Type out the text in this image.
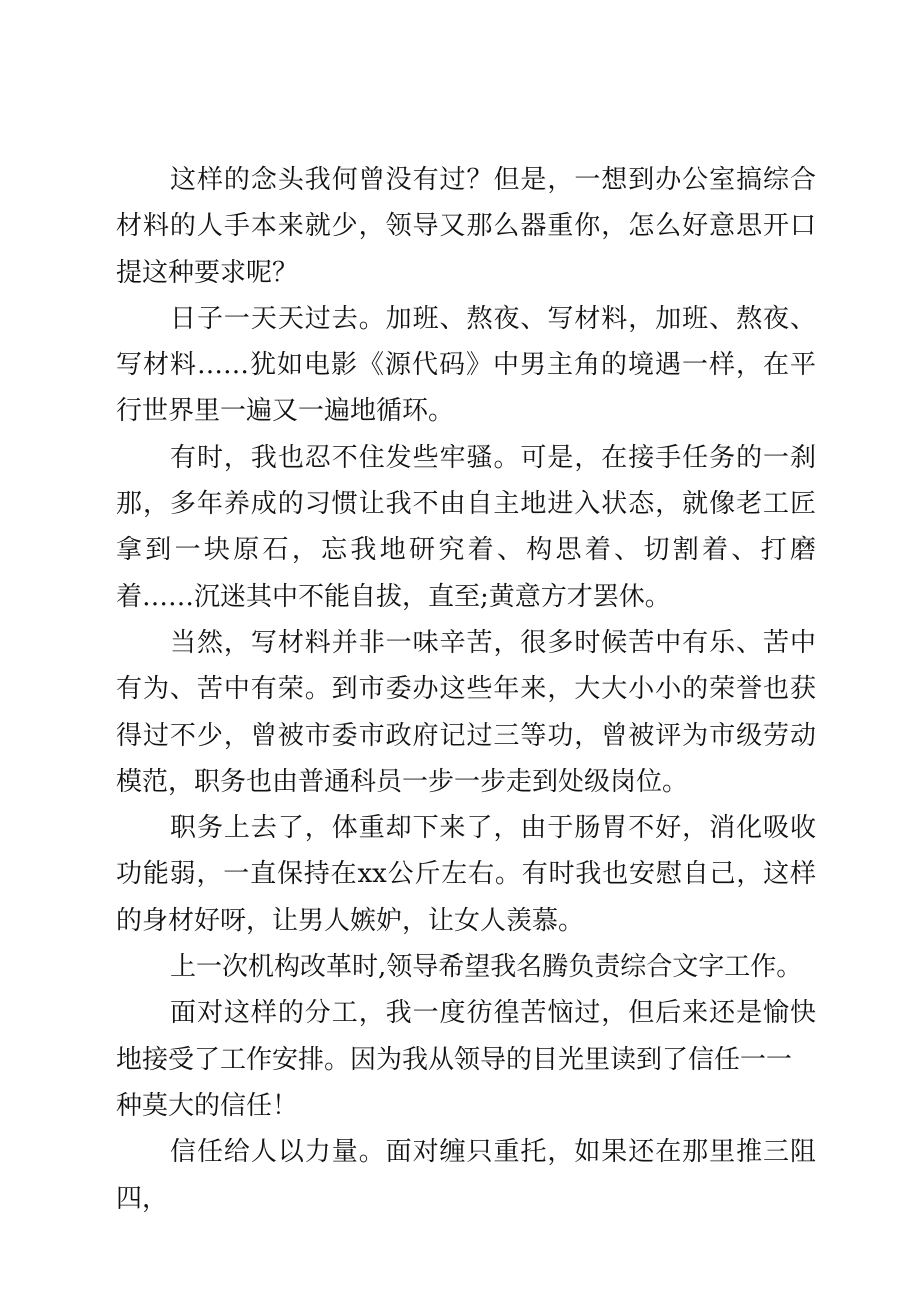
这样的念头我何曾没有过？但是，一想到办公室搞综合材料的人手本来就少，领导又那么器重你，怎么好意思开口提这种要求呢？

日子一天天过去。加班、熬夜、写材料，加班、熬夜、写材料……犹如电影《源代码》中男主角的境遇一样，在平行世界里一遍又一遍地循环。

有时，我也忍不住发些牢骚。可是，在接手任务的一刹那，多年养成的习惯让我不由自主地进入状态，就像老工匠拿到一块原石，忘我地研究着、构思着、切割着、打磨着……沉迷其中不能自拔，直至;黄意方才罢休。

当然，写材料并非一味辛苦，很多时候苦中有乐、苦中有为、苦中有荣。到市委办这些年来，大大小小的荣誉也获得过不少，曾被市委市政府记过三等功，曾被评为市级劳动模范，职务也由普通科员一步一步走到处级岗位。

职务上去了，体重却下来了，由于肠胃不好，消化吸收功能弱，一直保持在xx公斤左右。有时我也安慰自己，这样的身材好呀，让男人嫉妒，让女人羡慕。

上一次机构改革时,领导希望我名腾负责综合文字工作。

面对这样的分工，我一度彷徨苦恼过，但后来还是愉快地接受了工作安排。因为我从领导的目光里读到了信任一一

种莫大的信任！

信任给人以力量。面对缠只重托，如果还在那里推三阻四，
